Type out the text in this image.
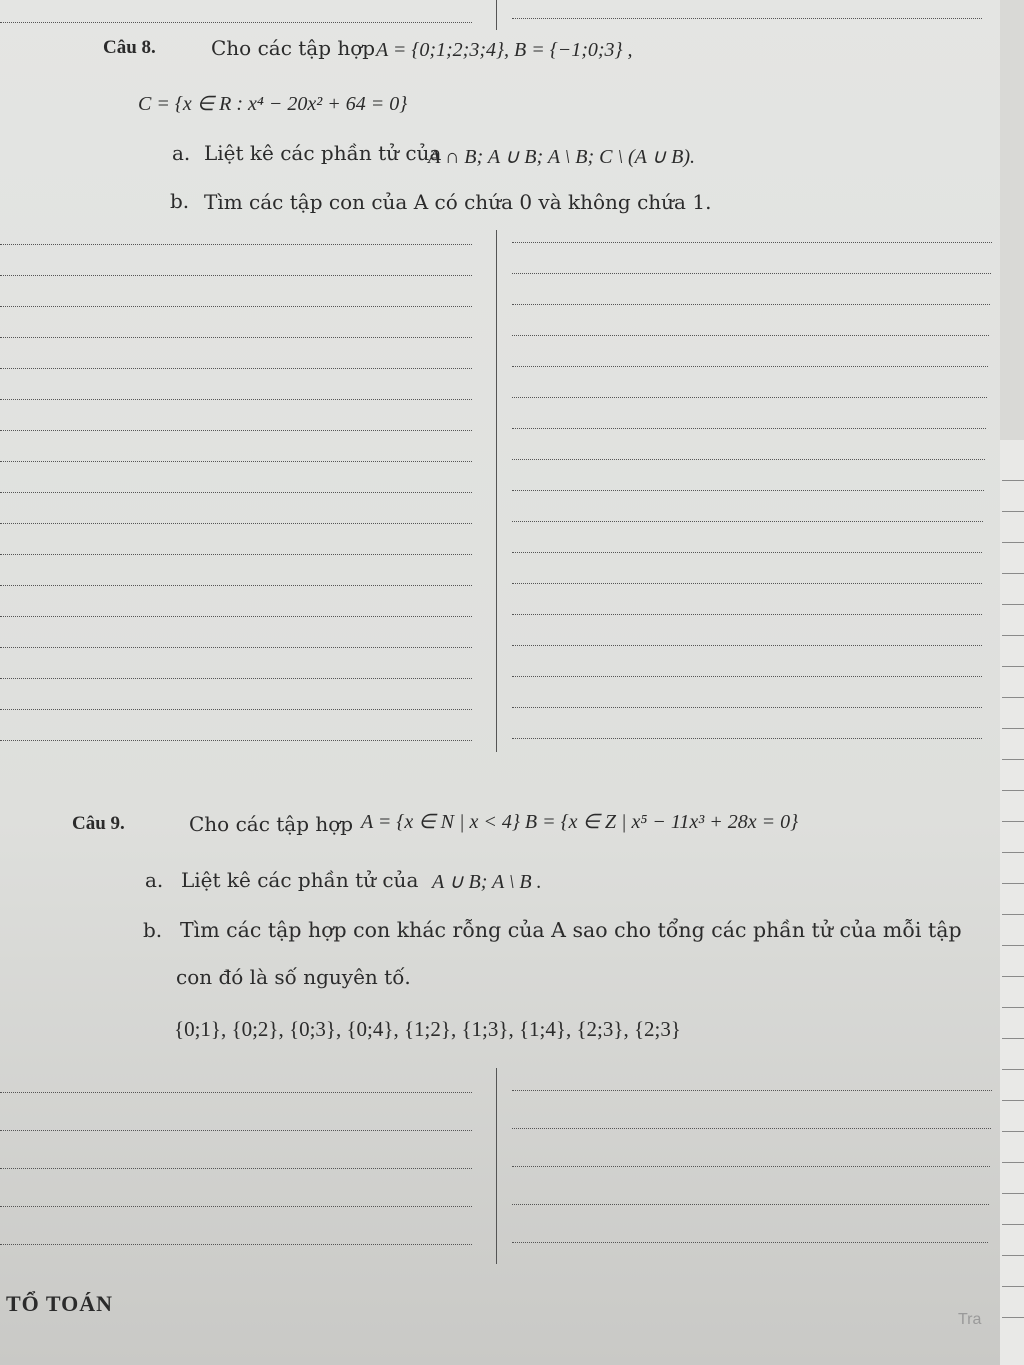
Câu 8.	Cho các tập hợp A = {0;1;2;3;4}, B = {−1;0;3} ,
C = {x ∈ R : x⁴ − 20x² + 64 = 0}
a. Liệt kê các phần tử của
A ∩ B; A ∪ B; A \ B; C \ (A ∪ B).
b. Tìm các tập con của A có chứa 0 và không chứa 1.
Câu 9.	Cho các tập hợp A = {x ∈ N | x < 4} B = {x ∈ Z | x⁵ − 11x³ + 28x = 0}
a. Liệt kê các phần tử của A ∪ B; A \ B .
b. Tìm các tập hợp con khác rỗng của A sao cho tổng các phần tử của mỗi tập
con đó là số nguyên tố.
{0;1}, {0;2}, {0;3}, {0;4}, {1;2}, {1;3}, {1;4}, {2;3}, {2;3}
TỔ TOÁN
Tra
